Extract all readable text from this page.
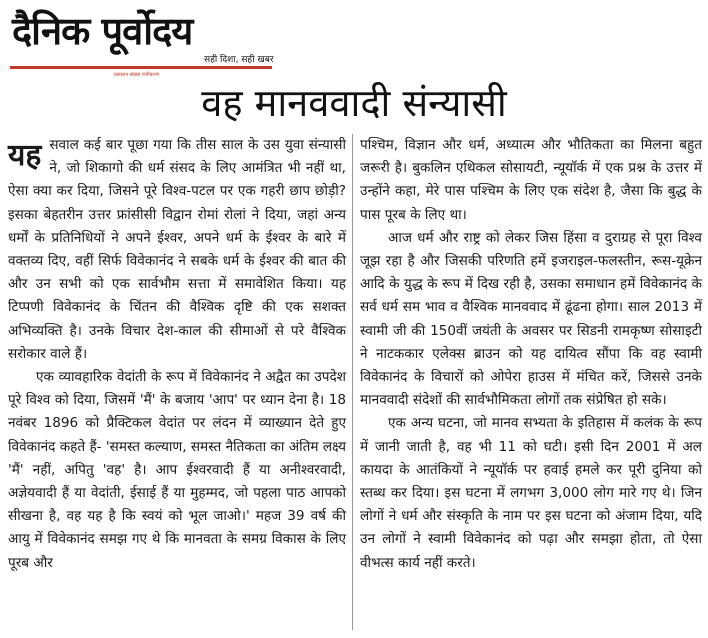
दैनिक पूर्वोदय
सही दिशा, सही खबर
प्रकाशन संख्या पंजीकरण
वह मानववादी संन्यासी

यह सवाल कई बार पूछा गया कि तीस साल के उस युवा संन्यासी ने, जो शिकागो की धर्म संसद के लिए आमंत्रित भी नहीं था, ऐसा क्या कर दिया, जिसने पूरे विश्व-पटल पर एक गहरी छाप छोड़ी? इसका बेहतरीन उत्तर फ्रांसीसी विद्वान रोमां रोलां ने दिया, जहां अन्य धर्मों के प्रतिनिधियों ने अपने ईश्वर, अपने धर्म के ईश्वर के बारे में वक्तव्य दिए, वहीं सिर्फ विवेकानंद ने सबके धर्म के ईश्वर की बात की और उन सभी को एक सार्वभौम सत्ता में समावेशित किया। यह टिप्पणी विवेकानंद के चिंतन की वैश्विक दृष्टि की एक सशक्त अभिव्यक्ति है। उनके विचार देश-काल की सीमाओं से परे वैश्विक सरोकार वाले हैं।

एक व्यावहारिक वेदांती के रूप में विवेकानंद ने अद्वैत का उपदेश पूरे विश्व को दिया, जिसमें 'मैं' के बजाय 'आप' पर ध्यान देना है। 18 नवंबर 1896 को प्रैक्टिकल वेदांत पर लंदन में व्याख्यान देते हुए विवेकानंद कहते हैं- 'समस्त कल्याण, समस्त नैतिकता का अंतिम लक्ष्य 'मैं' नहीं, अपितु 'वह' है। आप ईश्वरवादी हैं या अनीश्वरवादी, अज्ञेयवादी हैं या वेदांती, ईसाई हैं या मुहम्मद, जो पहला पाठ आपको सीखना है, वह यह है कि स्वयं को भूल जाओ।' महज 39 वर्ष की आयु में विवेकानंद समझ गए थे कि मानवता के समग्र विकास के लिए पूरब और

पश्चिम, विज्ञान और धर्म, अध्यात्म और भौतिकता का मिलना बहुत जरूरी है। बुकलिन एथिकल सोसायटी, न्यूयॉर्क में एक प्रश्न के उत्तर में उन्होंने कहा, मेरे पास पश्चिम के लिए एक संदेश है, जैसा कि बुद्ध के पास पूरब के लिए था।

आज धर्म और राष्ट्र को लेकर जिस हिंसा व दुराग्रह से पूरा विश्व जूझ रहा है और जिसकी परिणति हमें इजराइल-फलस्तीन, रूस-यूक्रेन आदि के युद्ध के रूप में दिख रही है, उसका समाधान हमें विवेकानंद के सर्व धर्म सम भाव व वैश्विक मानववाद में ढूंढना होगा। साल 2013 में स्वामी जी की 150वीं जयंती के अवसर पर सिडनी रामकृष्ण सोसाइटी ने नाटककार एलेक्स ब्राउन को यह दायित्व सौंपा कि वह स्वामी विवेकानंद के विचारों को ओपेरा हाउस में मंचित करें, जिससे उनके मानववादी संदेशों की सार्वभौमिकता लोगों तक संप्रेषित हो सके।

एक अन्य घटना, जो मानव सभ्यता के इतिहास में कलंक के रूप में जानी जाती है, वह भी 11 को घटी। इसी दिन 2001 में अल कायदा के आतंकियों ने न्यूयॉर्क पर हवाई हमले कर पूरी दुनिया को स्तब्ध कर दिया। इस घटना में लगभग 3,000 लोग मारे गए थे। जिन लोगों ने धर्म और संस्कृति के नाम पर इस घटना को अंजाम दिया, यदि उन लोगों ने स्वामी विवेकानंद को पढ़ा और समझा होता, तो ऐसा वीभत्स कार्य नहीं करते।
